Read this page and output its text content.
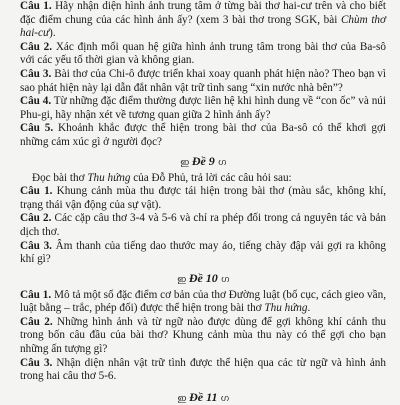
Câu 1. Hãy nhận diện hình ảnh trung tâm ở từng bài thơ hai-cư trên và cho biết đặc điểm chung của các hình ảnh ấy? (xem 3 bài thơ trong SGK, bài Chùm thơ hai-cư).

Câu 2. Xác định mối quan hệ giữa hình ảnh trung tâm trong bài thơ của Ba-sô với các yếu tố thời gian và không gian.

Câu 3. Bài thơ của Chi-ô được triển khai xoay quanh phát hiện nào? Theo bạn vì sao phát hiện này lại dẫn đắt nhân vật trữ tình sang “xin nước nhà bên”?

Câu 4. Từ những đặc điểm thường được liên hệ khi hình dung về “con ốc” và núi Phu-gi, hãy nhận xét về tương quan giữa 2 hình ảnh ấy?

Câu 5. Khoảnh khắc được thể hiện trong bài thơ của Ba-sô có thể khơi gợi những cảm xúc gì ở người đọc?

ഇ Đề 9 ഗ

Đọc bài thơ Thu hứng của Đỗ Phủ, trả lời các câu hỏi sau:

Câu 1. Khung cảnh mùa thu được tái hiện trong bài thơ (màu sắc, không khí, trạng thái vận động của sự vật).

Câu 2. Các cặp câu thơ 3-4 và 5-6 và chỉ ra phép đối trong cả nguyên tác và bản dịch thơ.

Câu 3. Âm thanh của tiếng dao thước may áo, tiếng chày đập vải gợi ra không khí gì?

ഇ Đề 10 ഗ

Câu 1. Mô tả một số đặc điểm cơ bản của thơ Đường luật (bố cục, cách gieo vần, luật bằng – trắc, phép đối) được thể hiện trong bài thơ Thu hứng.

Câu 2. Những hình ảnh và từ ngữ nào được dùng để gợi không khí cảnh thu trong bốn câu đầu của bài thơ? Khung cảnh mùa thu này có thể gợi cho bạn những ấn tượng gì?

Câu 3. Nhận diện nhân vật trữ tình được thể hiện qua các từ ngữ và hình ảnh trong hai câu thơ 5-6.

ഇ Đề 11 ഗ
